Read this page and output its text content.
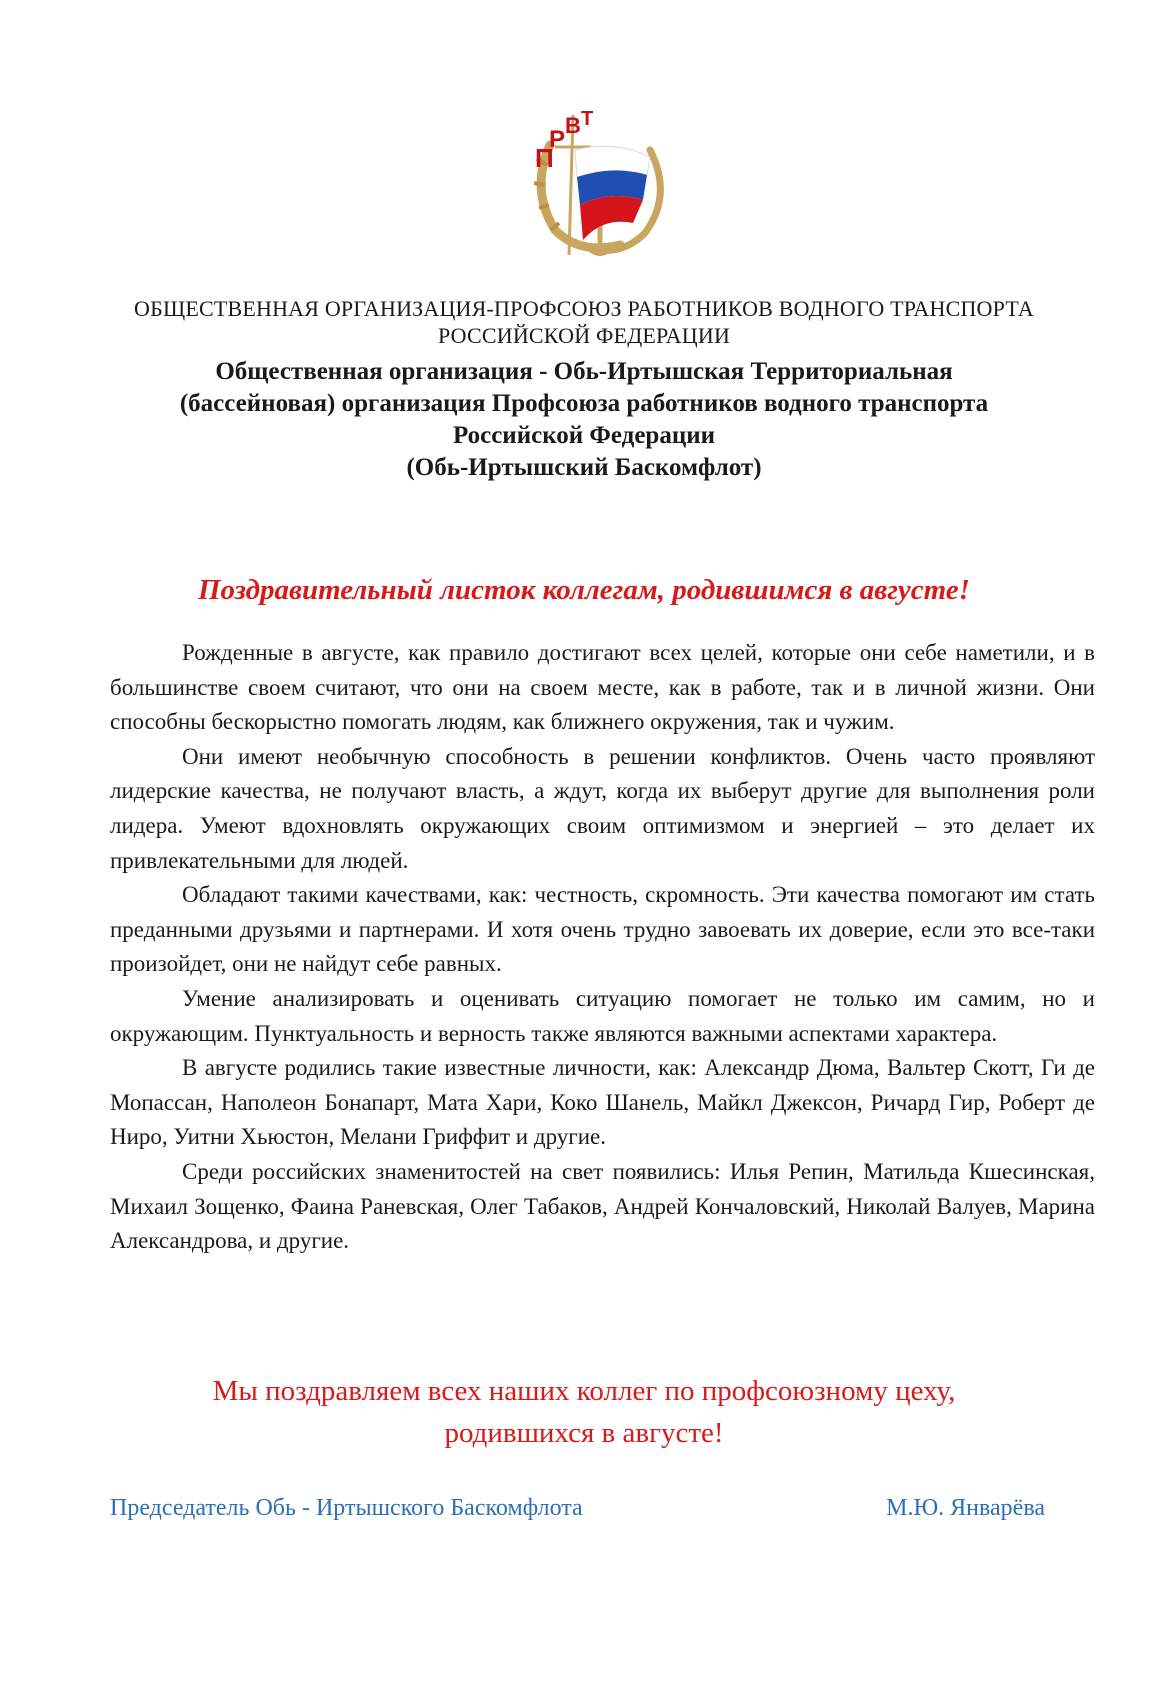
П
Р
В Т
ОБЩЕСТВЕННАЯ ОРГАНИЗАЦИЯ-ПРОФСОЮЗ РАБОТНИКОВ ВОДНОГО ТРАНСПОРТА РОССИЙСКОЙ ФЕДЕРАЦИИ
Общественная организация - Обь-Иртышская Территориальная
(бассейновая) организация Профсоюза работников водного транспорта
Российской Федерации
(Обь-Иртышский Баскомфлот)
Поздравительный листок коллегам, родившимся в августе!

Рожденные в августе, как правило достигают всех целей, которые они себе наметили, и в большинстве своем считают, что они на своем месте, как в работе, так и в личной жизни. Они способны бескорыстно помогать людям, как ближнего окружения, так и чужим.

Они имеют необычную способность в решении конфликтов. Очень часто проявляют лидерские качества, не получают власть, а ждут, когда их выберут другие для выполнения роли лидера. Умеют вдохновлять окружающих своим оптимизмом и энергией – это делает их привлекательными для людей.

Обладают такими качествами, как: честность, скромность. Эти качества помогают им стать преданными друзьями и партнерами. И хотя очень трудно завоевать их доверие, если это все-таки произойдет, они не найдут себе равных.

Умение анализировать и оценивать ситуацию помогает не только им самим, но и окружающим. Пунктуальность и верность также являются важными аспектами характера.

В августе родились такие известные личности, как: Александр Дюма, Вальтер Скотт, Ги де Мопассан, Наполеон Бонапарт, Мата Хари, Коко Шанель, Майкл Джексон, Ричард Гир, Роберт де Ниро, Уитни Хьюстон, Мелани Гриффит и другие.

Среди российских знаменитостей на свет появились: Илья Репин, Матильда Кшесинская, Михаил Зощенко, Фаина Раневская, Олег Табаков, Андрей Кончаловский, Николай Валуев, Марина Александрова, и другие.

Мы поздравляем всех наших коллег по профсоюзному цеху,
родившихся в августе!
Председатель Обь - Иртышского Баскомфлота	М.Ю. Январёва
